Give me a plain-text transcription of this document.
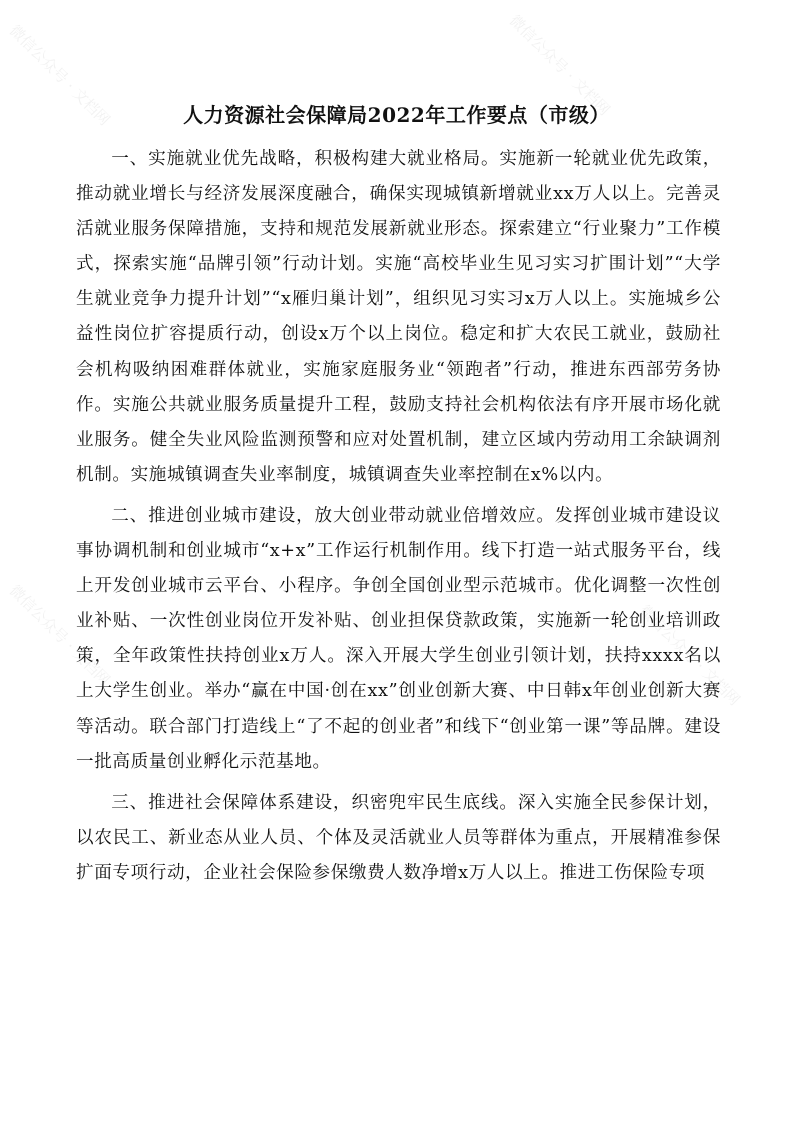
微信公众号 · 文档网	微信公众号 · 文档网
微信公众号 · 文档网
微信公众号 · 文档网
人力资源社会保障局2022年工作要点（市级）

一、实施就业优先战略，积极构建大就业格局。实施新一轮就业优先政策，推动就业增长与经济发展深度融合，确保实现城镇新增就业xx万人以上。完善灵活就业服务保障措施，支持和规范发展新就业形态。探索建立“行业聚力”工作模式，探索实施“品牌引领”行动计划。实施“高校毕业生见习实习扩围计划”“大学生就业竞争力提升计划”“x雁归巢计划”，组织见习实习x万人以上。实施城乡公益性岗位扩容提质行动，创设x万个以上岗位。稳定和扩大农民工就业，鼓励社会机构吸纳困难群体就业，实施家庭服务业“领跑者”行动，推进东西部劳务协作。实施公共就业服务质量提升工程，鼓励支持社会机构依法有序开展市场化就业服务。健全失业风险监测预警和应对处置机制，建立区域内劳动用工余缺调剂机制。实施城镇调查失业率制度，城镇调查失业率控制在x%以内。

二、推进创业城市建设，放大创业带动就业倍增效应。发挥创业城市建设议事协调机制和创业城市“x+x”工作运行机制作用。线下打造一站式服务平台，线上开发创业城市云平台、小程序。争创全国创业型示范城市。优化调整一次性创业补贴、一次性创业岗位开发补贴、创业担保贷款政策，实施新一轮创业培训政策，全年政策性扶持创业x万人。深入开展大学生创业引领计划，扶持xxxx名以上大学生创业。举办“赢在中国·创在xx”创业创新大赛、中日韩x年创业创新大赛等活动。联合部门打造线上“了不起的创业者”和线下“创业第一课”等品牌。建设一批高质量创业孵化示范基地。

三、推进社会保障体系建设，织密兜牢民生底线。深入实施全民参保计划，以农民工、新业态从业人员、个体及灵活就业人员等群体为重点，开展精准参保扩面专项行动，企业社会保险参保缴费人数净增x万人以上。推进工伤保险专项
